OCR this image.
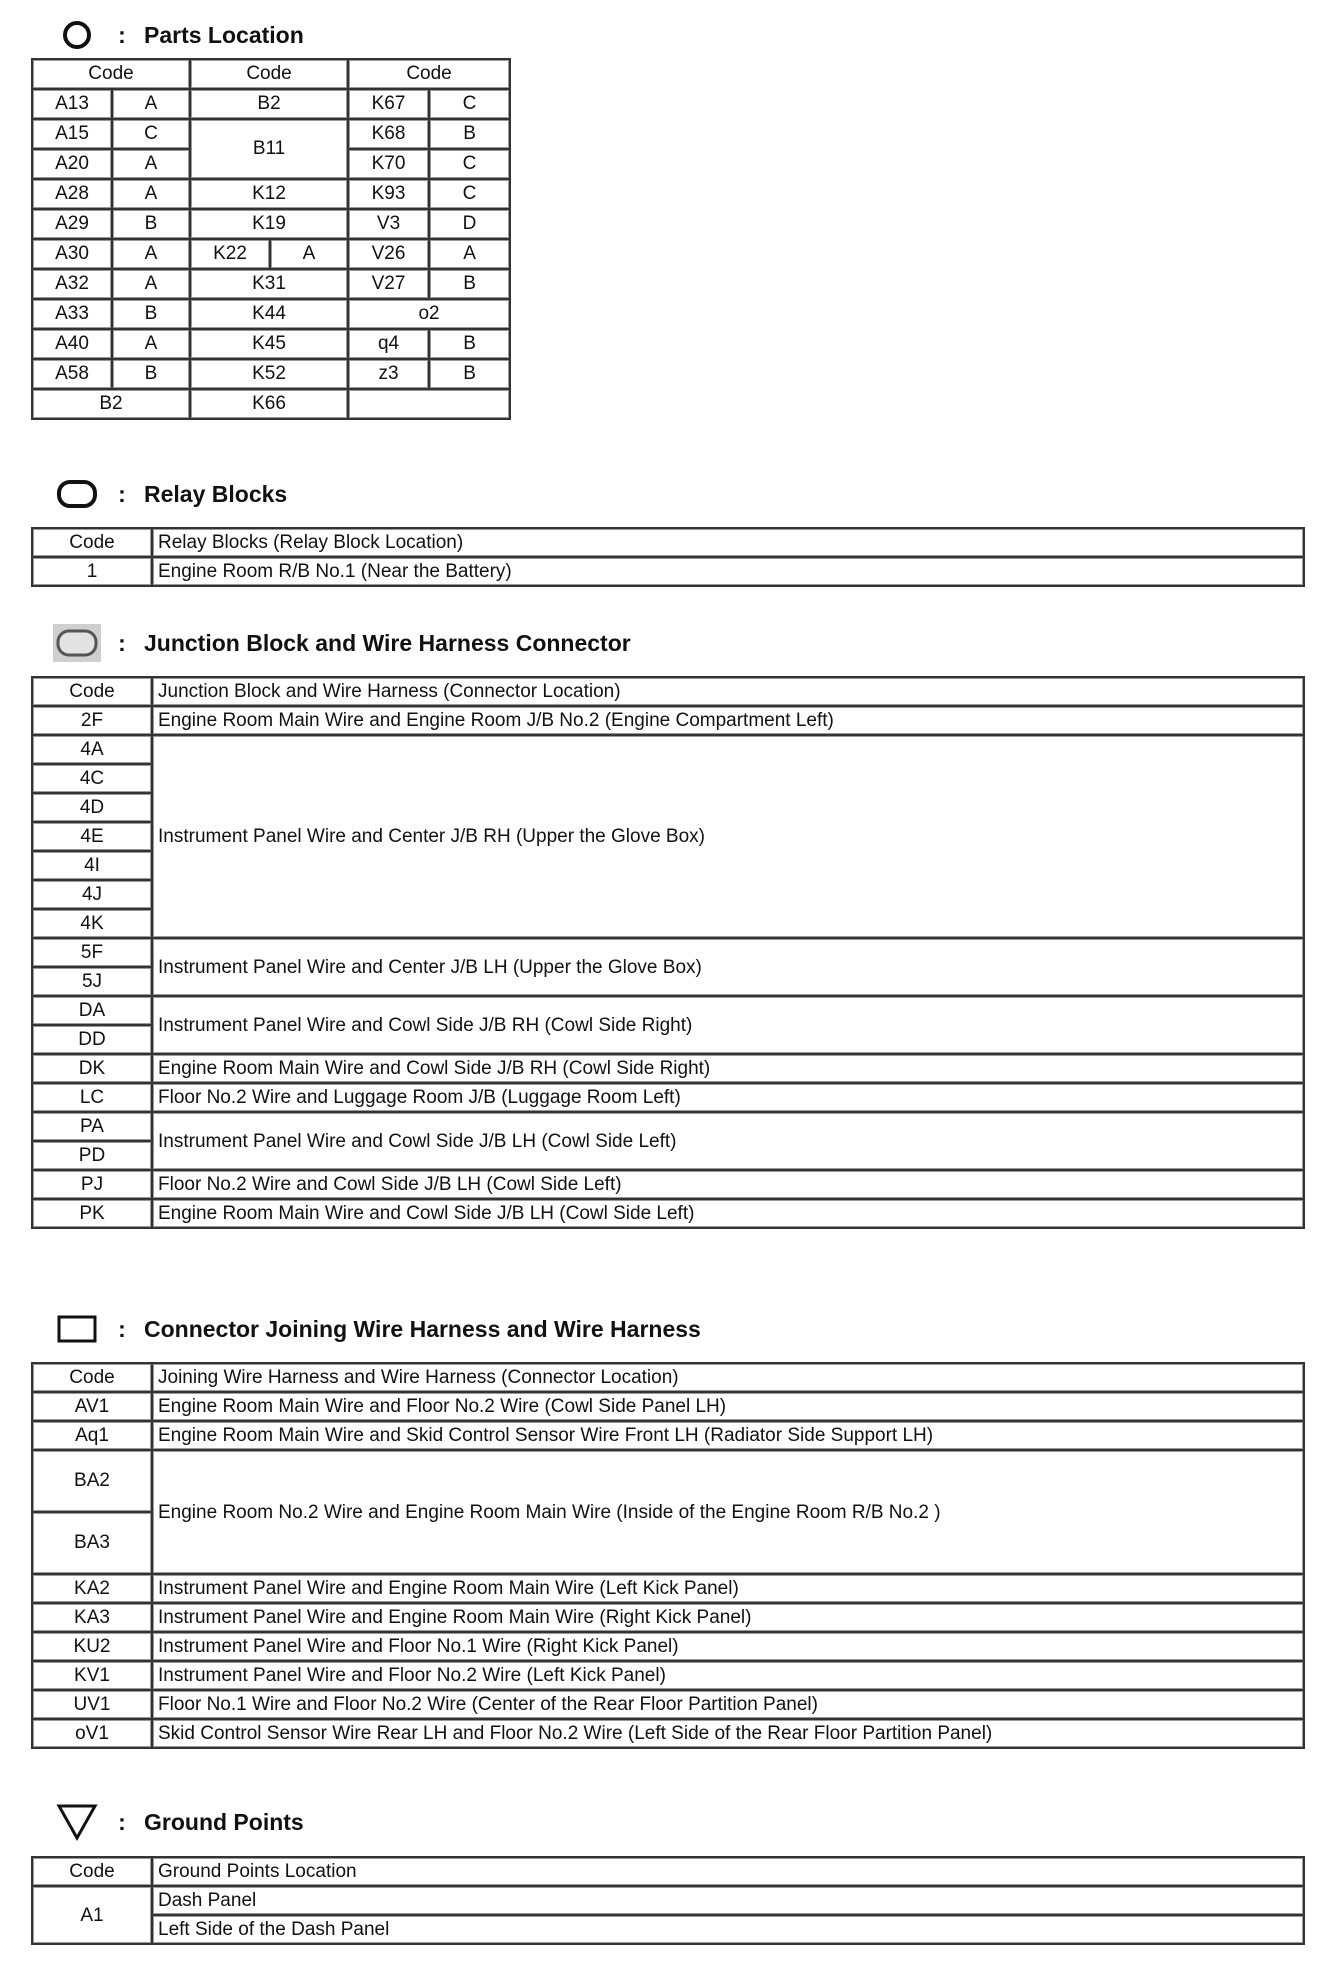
: Parts Location
Code		Code		Code	
A13	A	B2		K67	C
A15	C	B11		K68	B
A20	A			K70	C
A28	A	K12		K93	C
A29	B	K19		V3	D
A30	A	K22	A	V26	A
A32	A	K31		V27	B
A33	B	K44		o2	
A40	A	K45		q4	B
A58	B	K52		z3	B
B2		K66			
: Relay Blocks
Code	Relay Blocks (Relay Block Location)
1	Engine Room R/B No.1 (Near the Battery)
: Junction Block and Wire Harness Connector
Code	Junction Block and Wire Harness (Connector Location)
2F	Engine Room Main Wire and Engine Room J/B No.2 (Engine Compartment Left)
4A	Instrument Panel Wire and Center J/B RH (Upper the Glove Box)
4C	
4D	
4E	
4I	
4J	
4K	
5F	Instrument Panel Wire and Center J/B LH (Upper the Glove Box)
5J	
DA	Instrument Panel Wire and Cowl Side J/B RH (Cowl Side Right)
DD	
DK	Engine Room Main Wire and Cowl Side J/B RH (Cowl Side Right)
LC	Floor No.2 Wire and Luggage Room J/B (Luggage Room Left)
PA	Instrument Panel Wire and Cowl Side J/B LH (Cowl Side Left)
PD	
PJ	Floor No.2 Wire and Cowl Side J/B LH (Cowl Side Left)
PK	Engine Room Main Wire and Cowl Side J/B LH (Cowl Side Left)
: Connector Joining Wire Harness and Wire Harness
Code	Joining Wire Harness and Wire Harness (Connector Location)
AV1	Engine Room Main Wire and Floor No.2 Wire (Cowl Side Panel LH)
Aq1	Engine Room Main Wire and Skid Control Sensor Wire Front LH (Radiator Side Support LH)
BA2	Engine Room No.2 Wire and Engine Room Main Wire (Inside of the Engine Room R/B No.2 )
BA3	
KA2	Instrument Panel Wire and Engine Room Main Wire (Left Kick Panel)
KA3	Instrument Panel Wire and Engine Room Main Wire (Right Kick Panel)
KU2	Instrument Panel Wire and Floor No.1 Wire (Right Kick Panel)
KV1	Instrument Panel Wire and Floor No.2 Wire (Left Kick Panel)
UV1	Floor No.1 Wire and Floor No.2 Wire (Center of the Rear Floor Partition Panel)
oV1	Skid Control Sensor Wire Rear LH and Floor No.2 Wire (Left Side of the Rear Floor Partition Panel)
: Ground Points
Code	Ground Points Location
A1	Dash Panel
	Left Side of the Dash Panel
